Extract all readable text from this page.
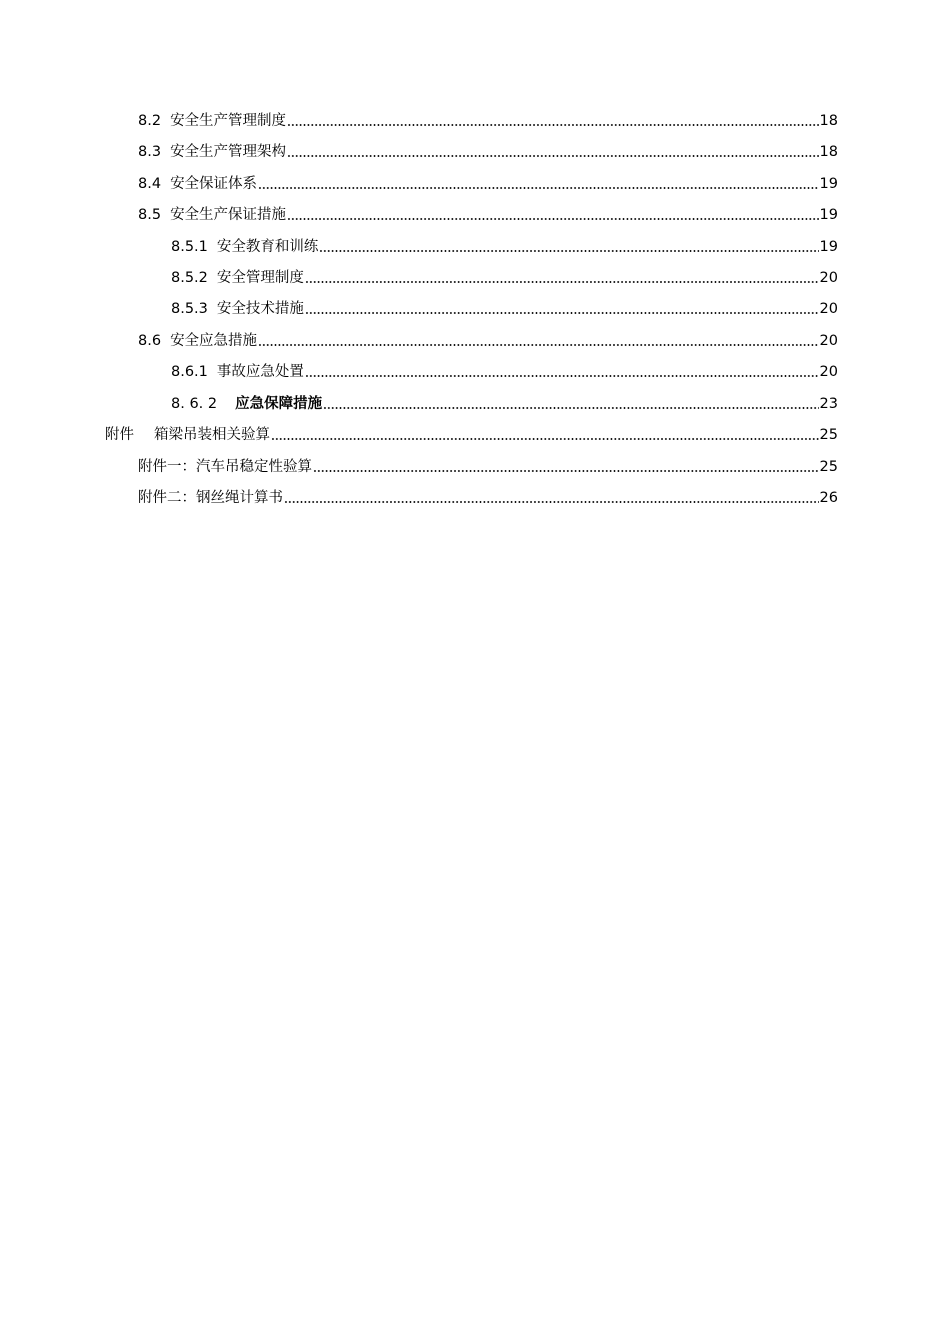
8.2 安全生产管理制度	18
8.3 安全生产管理架构	18
8.4 安全保证体系	19
8.5 安全生产保证措施	19
8.5.1 安全教育和训练	19
8.5.2 安全管理制度	20
8.5.3 安全技术措施	20
8.6 安全应急措施	20
8.6.1 事故应急处置	20
8. 6. 2 应急保障措施	23
附件 箱梁吊装相关验算	25
附件一：汽车吊稳定性验算	25
附件二：钢丝绳计算书	26
